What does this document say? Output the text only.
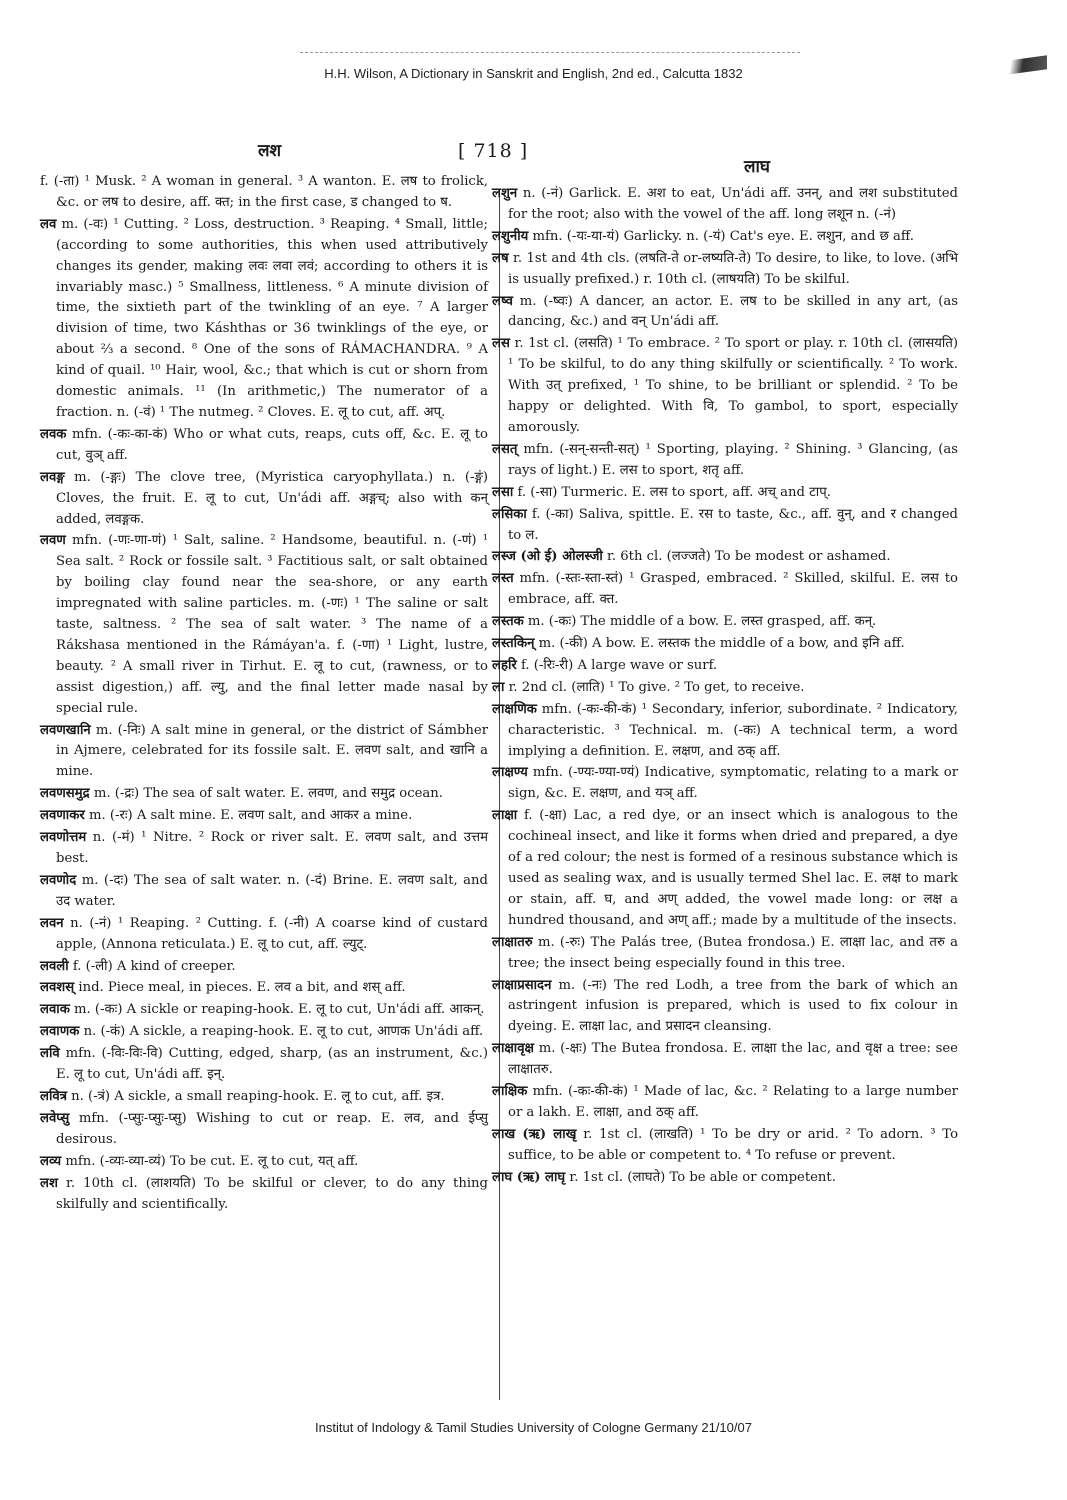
H.H. Wilson, A Dictionary in Sanskrit and English, 2nd ed., Calcutta 1832
लश	[ 718 ]
लाघ

f. (-ता) ¹ Musk. ² A woman in general. ³ A wanton. E. लष to frolick, &c. or लष to desire, aff. क्त; in the first case, ड changed to ष.

लव m. (-वः) ¹ Cutting. ² Loss, destruction. ³ Reaping. ⁴ Small, little; (according to some authorities, this when used attributively changes its gender, making लवः लवा लवं; according to others it is invariably masc.) ⁵ Smallness, littleness. ⁶ A minute division of time, the sixtieth part of the twinkling of an eye. ⁷ A larger division of time, two Káshthas or 36 twinklings of the eye, or about ⅔ a second. ⁸ One of the sons of RÁMACHANDRA. ⁹ A kind of quail. ¹⁰ Hair, wool, &c.; that which is cut or shorn from domestic animals. ¹¹ (In arithmetic,) The numerator of a fraction. n. (-वं) ¹ The nutmeg. ² Cloves. E. लू to cut, aff. अप्.

लवक mfn. (-कः-का-कं) Who or what cuts, reaps, cuts off, &c. E. लू to cut, वुञ् aff.

लवङ्ग m. (-ङ्गः) The clove tree, (Myristica caryophyllata.) n. (-ङ्गं) Cloves, the fruit. E. लू to cut, Un'ádi aff. अङ्गच्; also with कन् added, लवङ्गक.

लवण mfn. (-णः-णा-णं) ¹ Salt, saline. ² Handsome, beautiful. n. (-णं) ¹ Sea salt. ² Rock or fossile salt. ³ Factitious salt, or salt obtained by boiling clay found near the sea-shore, or any earth impregnated with saline particles. m. (-णः) ¹ The saline or salt taste, saltness. ² The sea of salt water. ³ The name of a Rákshasa mentioned in the Rámáyan'a. f. (-णा) ¹ Light, lustre, beauty. ² A small river in Tirhut. E. लू to cut, (rawness, or to assist digestion,) aff. ल्यु, and the final letter made nasal by special rule.

लवणखानि m. (-निः) A salt mine in general, or the district of Sámbher in Ajmere, celebrated for its fossile salt. E. लवण salt, and खानि a mine.

लवणसमुद्र m. (-द्रः) The sea of salt water. E. लवण, and समुद्र ocean.

लवणाकर m. (-रः) A salt mine. E. लवण salt, and आकर a mine.

लवणोत्तम n. (-मं) ¹ Nitre. ² Rock or river salt. E. लवण salt, and उत्तम best.

लवणोद m. (-दः) The sea of salt water. n. (-दं) Brine. E. लवण salt, and उद water.

लवन n. (-नं) ¹ Reaping. ² Cutting. f. (-नी) A coarse kind of custard apple, (Annona reticulata.) E. लू to cut, aff. ल्युट्.

लवली f. (-ली) A kind of creeper.

लवशस् ind. Piece meal, in pieces. E. लव a bit, and शस् aff.

लवाक m. (-कः) A sickle or reaping-hook. E. लू to cut, Un'ádi aff. आकन्.

लवाणक n. (-कं) A sickle, a reaping-hook. E. लू to cut, आणक Un'ádi aff.

लवि mfn. (-विः-विः-वि) Cutting, edged, sharp, (as an instrument, &c.) E. लू to cut, Un'ádi aff. इन्.

लवित्र n. (-त्रं) A sickle, a small reaping-hook. E. लू to cut, aff. इत्र.

लवेप्सु mfn. (-प्सुः-प्सुः-प्सु) Wishing to cut or reap. E. लव, and ईप्सु desirous.

लव्य mfn. (-व्यः-व्या-व्यं) To be cut. E. लू to cut, यत् aff.

लश r. 10th cl. (लाशयति) To be skilful or clever, to do any thing skilfully and scientifically.

लशुन n. (-नं) Garlick. E. अश to eat, Un'ádi aff. उनन्, and लश substituted for the root; also with the vowel of the aff. long लशून n. (-नं)

लशुनीय mfn. (-यः-या-यं) Garlicky. n. (-यं) Cat's eye. E. लशुन, and छ aff.

लष r. 1st and 4th cls. (लषति-ते or-लष्यति-ते) To desire, to like, to love. (अभि is usually prefixed.) r. 10th cl. (लाषयति) To be skilful.

लष्व m. (-ष्वः) A dancer, an actor. E. लष to be skilled in any art, (as dancing, &c.) and वन् Un'ádi aff.

लस r. 1st cl. (लसति) ¹ To embrace. ² To sport or play. r. 10th cl. (लासयति) ¹ To be skilful, to do any thing skilfully or scientifically. ² To work. With उत् prefixed, ¹ To shine, to be brilliant or splendid. ² To be happy or delighted. With वि, To gambol, to sport, especially amorously.

लसत् mfn. (-सन्-सन्ती-सत्) ¹ Sporting, playing. ² Shining. ³ Glancing, (as rays of light.) E. लस to sport, शतृ aff.

लसा f. (-सा) Turmeric. E. लस to sport, aff. अच् and टाप्.

लसिका f. (-का) Saliva, spittle. E. रस to taste, &c., aff. वुन्, and र changed to ल.

लस्ज (ओ ई) ओलस्जी r. 6th cl. (लज्जते) To be modest or ashamed.

लस्त mfn. (-स्तः-स्ता-स्तं) ¹ Grasped, embraced. ² Skilled, skilful. E. लस to embrace, aff. क्त.

लस्तक m. (-कः) The middle of a bow. E. लस्त grasped, aff. कन्.

लस्तकिन् m. (-की) A bow. E. लस्तक the middle of a bow, and इनि aff.

लहरि f. (-रिः-री) A large wave or surf.

ला r. 2nd cl. (लाति) ¹ To give. ² To get, to receive.

लाक्षणिक mfn. (-कः-की-कं) ¹ Secondary, inferior, subordinate. ² Indicatory, characteristic. ³ Technical. m. (-कः) A technical term, a word implying a definition. E. लक्षण, and ठक् aff.

लाक्षण्य mfn. (-ण्यः-ण्या-ण्यं) Indicative, symptomatic, relating to a mark or sign, &c. E. लक्षण, and यञ् aff.

लाक्षा f. (-क्षा) Lac, a red dye, or an insect which is analogous to the cochineal insect, and like it forms when dried and prepared, a dye of a red colour; the nest is formed of a resinous substance which is used as sealing wax, and is usually termed Shel lac. E. लक्ष to mark or stain, aff. घ, and अण् added, the vowel made long: or लक्ष a hundred thousand, and अण् aff.; made by a multitude of the insects.

लाक्षातरु m. (-रुः) The Palás tree, (Butea frondosa.) E. लाक्षा lac, and तरु a tree; the insect being especially found in this tree.

लाक्षाप्रसादन m. (-नः) The red Lodh, a tree from the bark of which an astringent infusion is prepared, which is used to fix colour in dyeing. E. लाक्षा lac, and प्रसादन cleansing.

लाक्षावृक्ष m. (-क्षः) The Butea frondosa. E. लाक्षा the lac, and वृक्ष a tree: see लाक्षातरु.

लाक्षिक mfn. (-कः-की-कं) ¹ Made of lac, &c. ² Relating to a large number or a lakh. E. लाक्षा, and ठक् aff.

लाख (ऋ) लाखृ r. 1st cl. (लाखति) ¹ To be dry or arid. ² To adorn. ³ To suffice, to be able or competent to. ⁴ To refuse or prevent.

लाघ (ऋ) लाघृ r. 1st cl. (लाघते) To be able or competent.

Institut of Indology & Tamil Studies University of Cologne Germany 21/10/07
